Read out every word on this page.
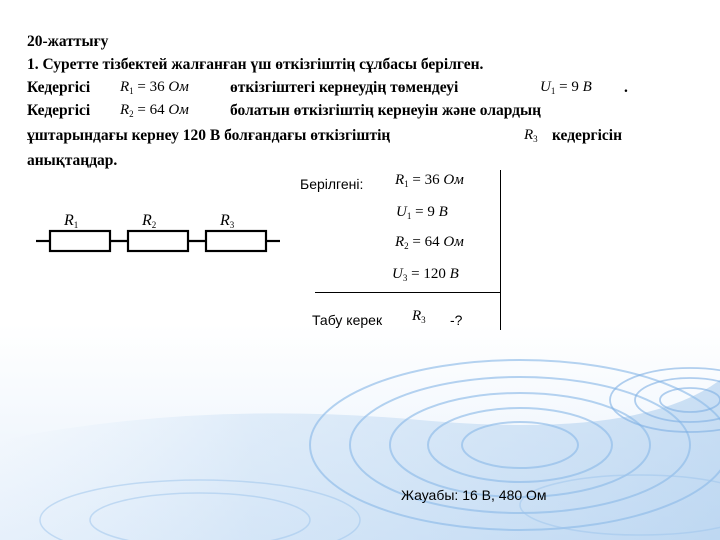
20-жаттығу
1. Суретте тізбектей жалғанған үш өткізгіштің сұлбасы берілген.
Кедергісі $R_1 = 36$ Ом	өткізгіштегі кернеудің төмендеуі	$U_1 = 9$ В .
Кедергісі $R_2 = 64$ Ом	болатын өткізгіштің кернеуін және олардың
ұштарындағы кернеу 120 В болғандағы өткізгіштің	$R_3$ кедергісін
анықтаңдар.
R1	R2	R3
Берілгені: $R_1 = 36$ Ом
$U_1 = 9$ В
$R_2 = 64$ Ом
$U_3 = 120$ В
Табу керек $R_3$ -?
Жауабы: 16 В, 480 Ом
